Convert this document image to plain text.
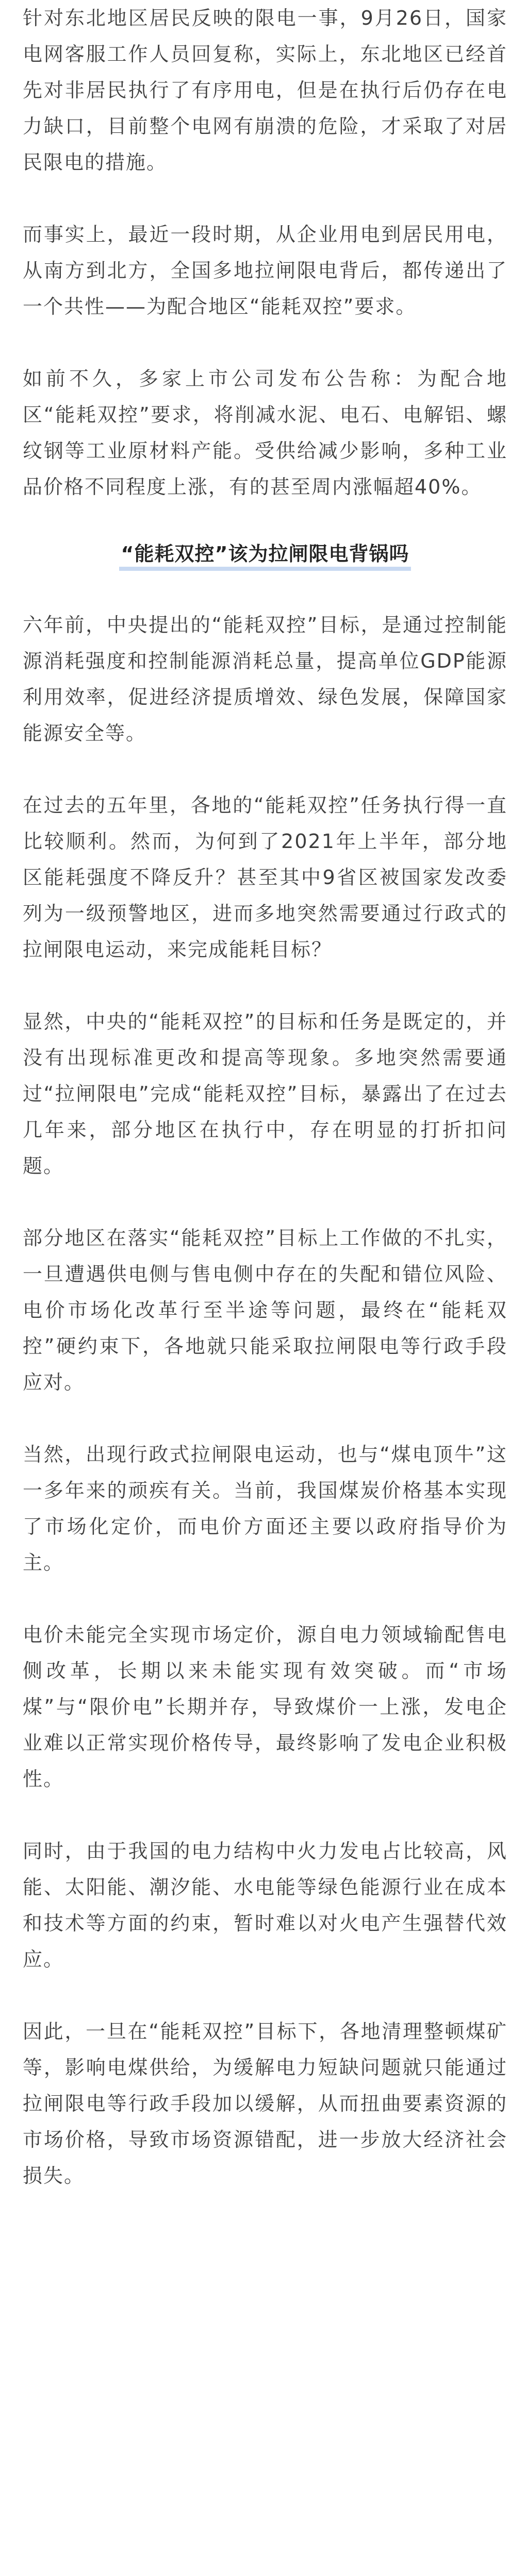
针对东北地区居民反映的限电一事，9月26日，国家电网客服工作人员回复称，实际上，东北地区已经首先对非居民执行了有序用电，但是在执行后仍存在电力缺口，目前整个电网有崩溃的危险，才采取了对居民限电的措施。

而事实上，最近一段时期，从企业用电到居民用电，从南方到北方，全国多地拉闸限电背后，都传递出了一个共性——为配合地区“能耗双控”要求。

如前不久，多家上市公司发布公告称：为配合地区“能耗双控”要求，将削减水泥、电石、电解铝、螺纹钢等工业原材料产能。受供给减少影响，多种工业品价格不同程度上涨，有的甚至周内涨幅超40%。

“能耗双控”该为拉闸限电背锅吗

六年前，中央提出的“能耗双控”目标，是通过控制能源消耗强度和控制能源消耗总量，提高单位GDP能源利用效率，促进经济提质增效、绿色发展，保障国家能源安全等。

在过去的五年里，各地的“能耗双控”任务执行得一直比较顺利。然而，为何到了2021年上半年，部分地区能耗强度不降反升？甚至其中9省区被国家发改委列为一级预警地区，进而多地突然需要通过行政式的拉闸限电运动，来完成能耗目标？

显然，中央的“能耗双控”的目标和任务是既定的，并没有出现标准更改和提高等现象。多地突然需要通过“拉闸限电”完成“能耗双控”目标，暴露出了在过去几年来，部分地区在执行中，存在明显的打折扣问题。

部分地区在落实“能耗双控”目标上工作做的不扎实，一旦遭遇供电侧与售电侧中存在的失配和错位风险、电价市场化改革行至半途等问题，最终在“能耗双控”硬约束下，各地就只能采取拉闸限电等行政手段应对。

当然，出现行政式拉闸限电运动，也与“煤电顶牛”这一多年来的顽疾有关。当前，我国煤炭价格基本实现了市场化定价，而电价方面还主要以政府指导价为主。

电价未能完全实现市场定价，源自电力领域输配售电侧改革，长期以来未能实现有效突破。而“市场煤”与“限价电”长期并存，导致煤价一上涨，发电企业难以正常实现价格传导，最终影响了发电企业积极性。

同时，由于我国的电力结构中火力发电占比较高，风能、太阳能、潮汐能、水电能等绿色能源行业在成本和技术等方面的约束，暂时难以对火电产生强替代效应。

因此，一旦在“能耗双控”目标下，各地清理整顿煤矿等，影响电煤供给，为缓解电力短缺问题就只能通过拉闸限电等行政手段加以缓解，从而扭曲要素资源的市场价格，导致市场资源错配，进一步放大经济社会损失。
